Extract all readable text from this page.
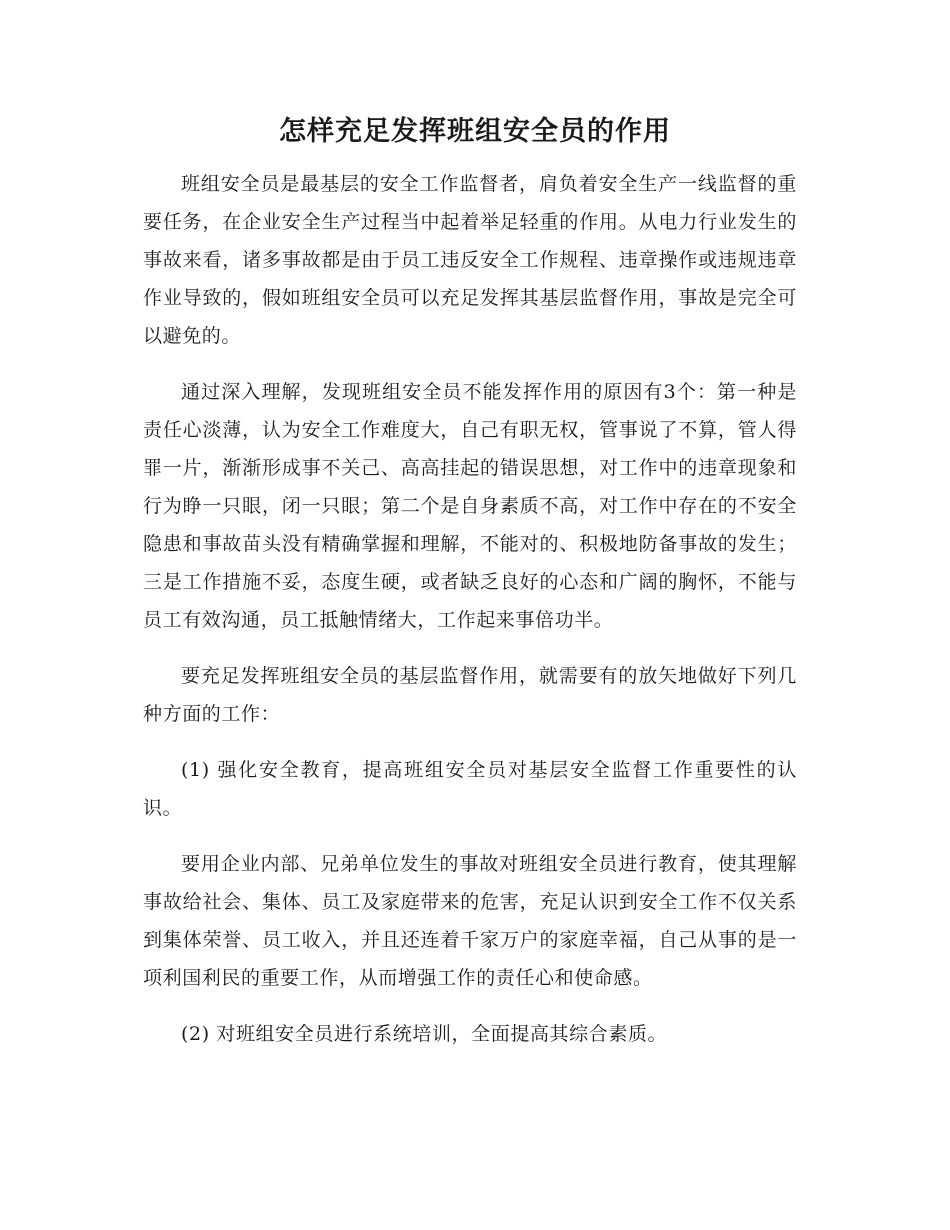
怎样充足发挥班组安全员的作用

班组安全员是最基层的安全工作监督者，肩负着安全生产一线监督的重要任务，在企业安全生产过程当中起着举足轻重的作用。从电力行业发生的事故来看，诸多事故都是由于员工违反安全工作规程、违章操作或违规违章作业导致的，假如班组安全员可以充足发挥其基层监督作用，事故是完全可以避免的。

通过深入理解，发现班组安全员不能发挥作用的原因有3个：第一种是责任心淡薄，认为安全工作难度大，自己有职无权，管事说了不算，管人得罪一片，渐渐形成事不关己、高高挂起的错误思想，对工作中的违章现象和行为睁一只眼，闭一只眼；第二个是自身素质不高，对工作中存在的不安全隐患和事故苗头没有精确掌握和理解，不能对的、积极地防备事故的发生；三是工作措施不妥，态度生硬，或者缺乏良好的心态和广阔的胸怀，不能与员工有效沟通，员工抵触情绪大，工作起来事倍功半。

要充足发挥班组安全员的基层监督作用，就需要有的放矢地做好下列几种方面的工作：

(1) 强化安全教育，提高班组安全员对基层安全监督工作重要性的认识。

要用企业内部、兄弟单位发生的事故对班组安全员进行教育，使其理解事故给社会、集体、员工及家庭带来的危害，充足认识到安全工作不仅关系到集体荣誉、员工收入，并且还连着千家万户的家庭幸福，自己从事的是一项利国利民的重要工作，从而增强工作的责任心和使命感。

(2) 对班组安全员进行系统培训，全面提高其综合素质。
